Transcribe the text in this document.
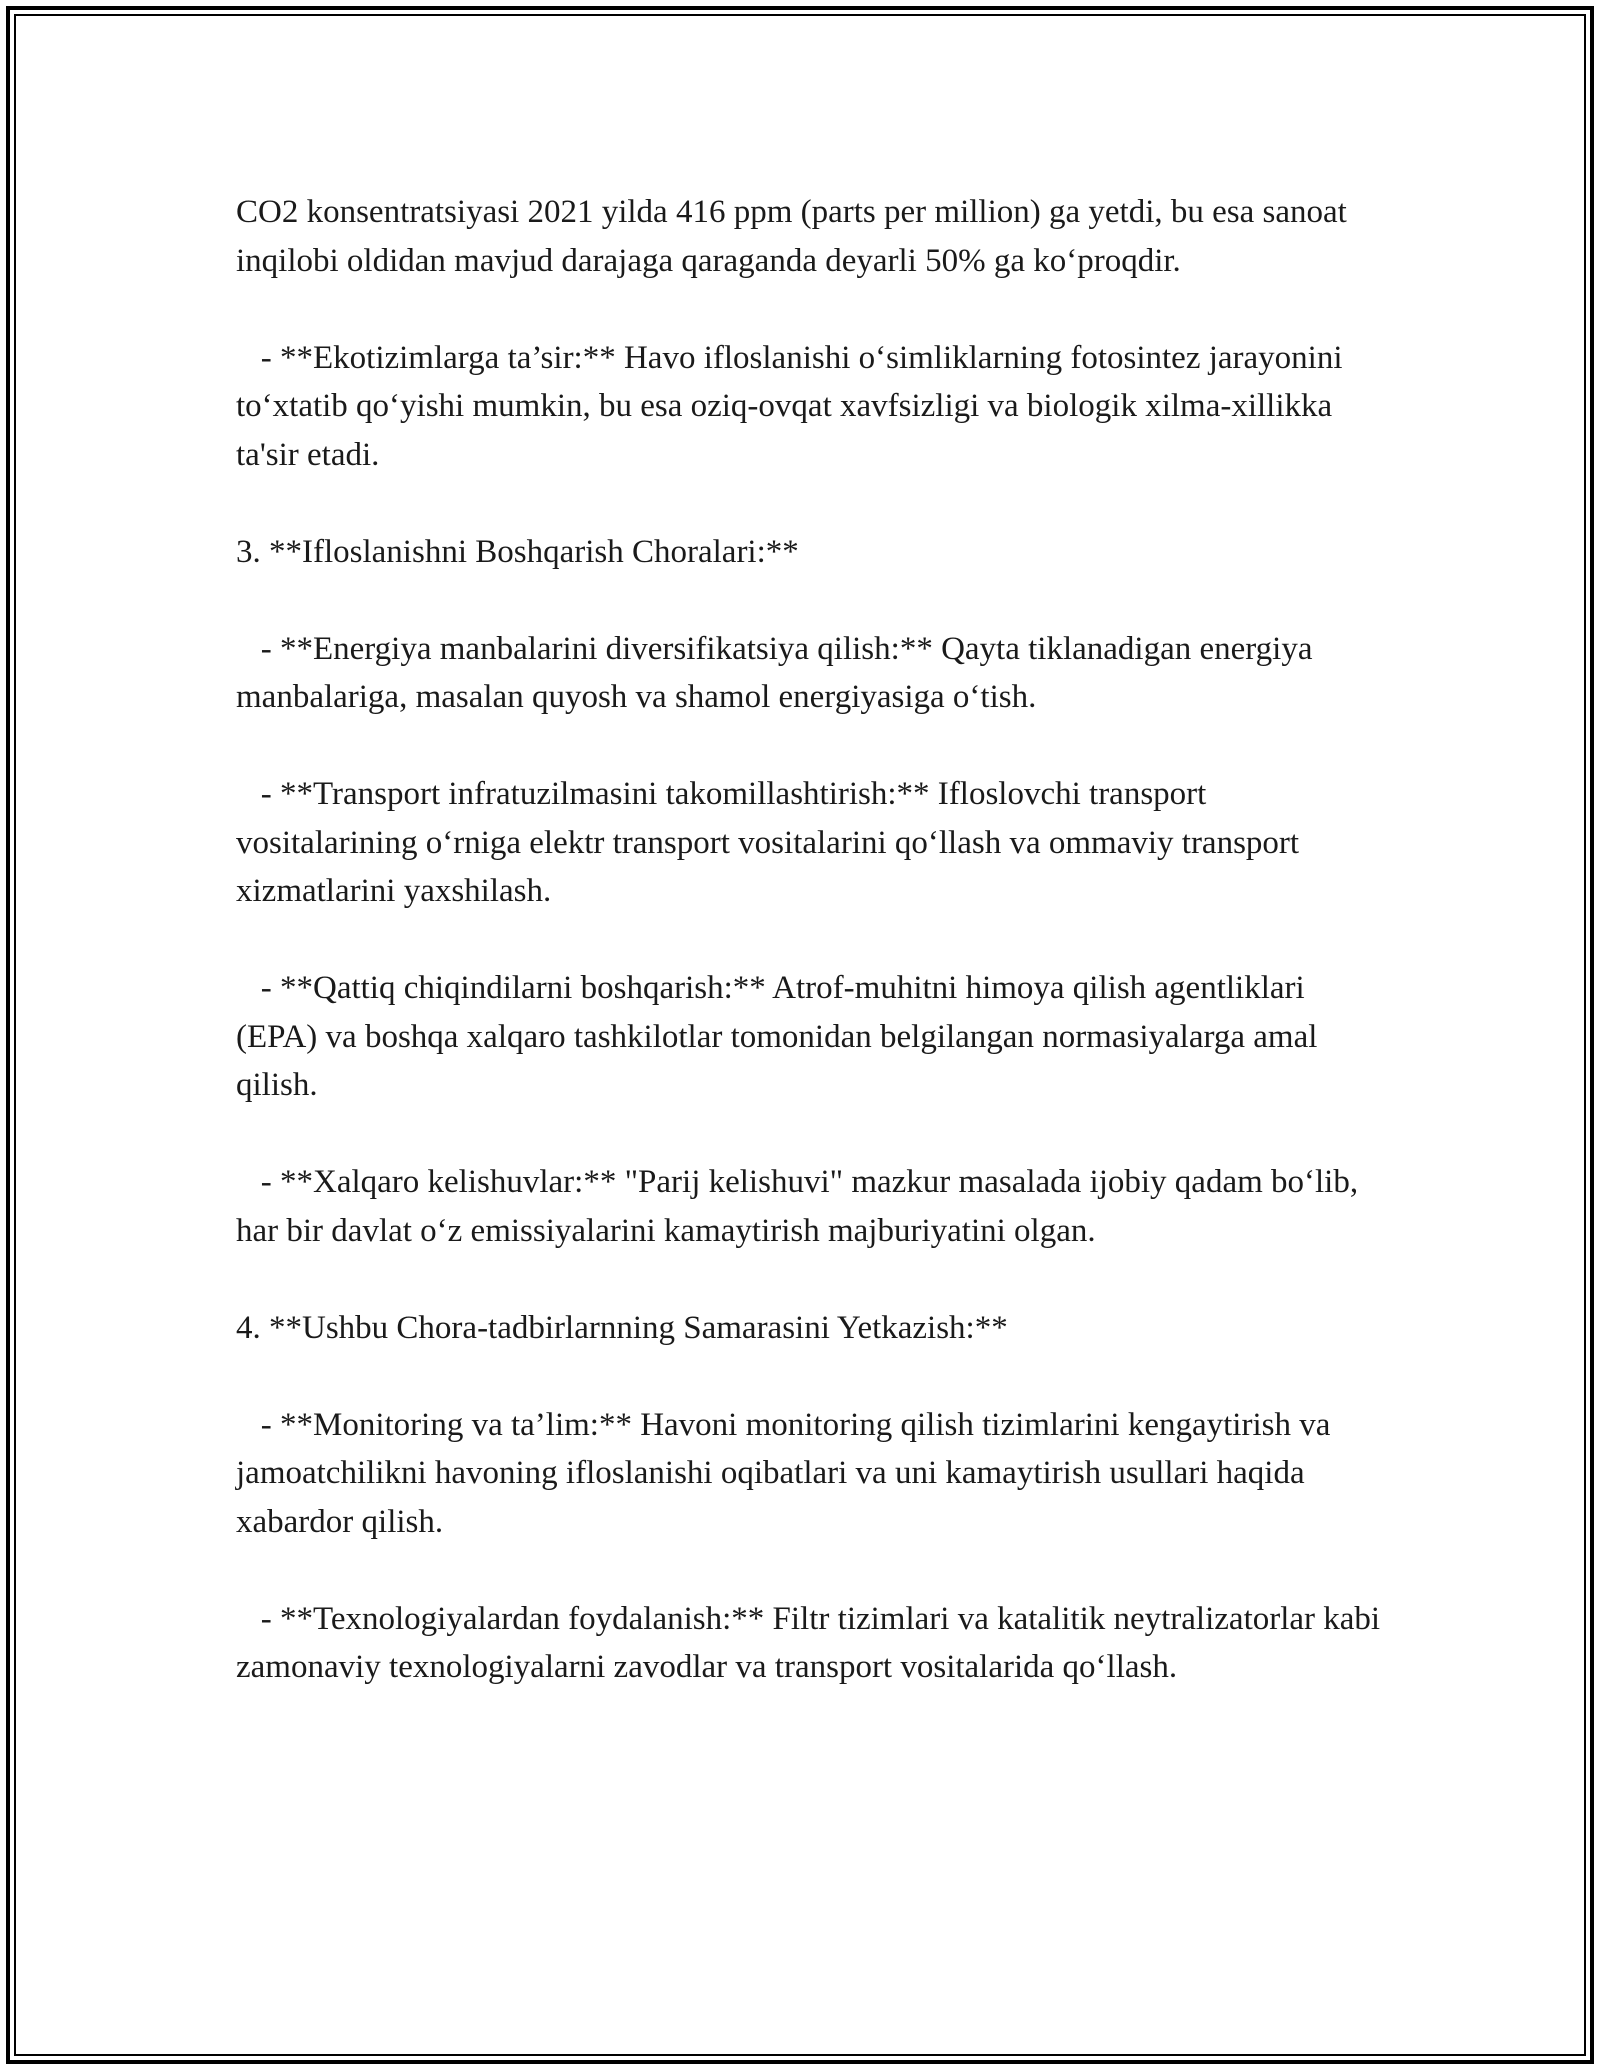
CO2 konsentratsiyasi 2021 yilda 416 ppm (parts per million) ga yetdi, bu esa sanoat inqilobi oldidan mavjud darajaga qaraganda deyarli 50% ga ko‘proqdir.

- **Ekotizimlarga ta’sir:** Havo ifloslanishi o‘simliklarning fotosintez jarayonini to‘xtatib qo‘yishi mumkin, bu esa oziq-ovqat xavfsizligi va biologik xilma-xillikka ta'sir etadi.

3. **Ifloslanishni Boshqarish Choralari:**

- **Energiya manbalarini diversifikatsiya qilish:** Qayta tiklanadigan energiya manbalariga, masalan quyosh va shamol energiyasiga o‘tish.

- **Transport infratuzilmasini takomillashtirish:** Ifloslovchi transport vositalarining o‘rniga elektr transport vositalarini qo‘llash va ommaviy transport xizmatlarini yaxshilash.

- **Qattiq chiqindilarni boshqarish:** Atrof-muhitni himoya qilish agentliklari (EPA) va boshqa xalqaro tashkilotlar tomonidan belgilangan normasiyalarga amal qilish.

- **Xalqaro kelishuvlar:** "Parij kelishuvi" mazkur masalada ijobiy qadam bo‘lib, har bir davlat o‘z emissiyalarini kamaytirish majburiyatini olgan.

4. **Ushbu Chora-tadbirlarnning Samarasini Yetkazish:**

- **Monitoring va ta’lim:** Havoni monitoring qilish tizimlarini kengaytirish va jamoatchilikni havoning ifloslanishi oqibatlari va uni kamaytirish usullari haqida xabardor qilish.

- **Texnologiyalardan foydalanish:** Filtr tizimlari va katalitik neytralizatorlar kabi zamonaviy texnologiyalarni zavodlar va transport vositalarida qo‘llash.
